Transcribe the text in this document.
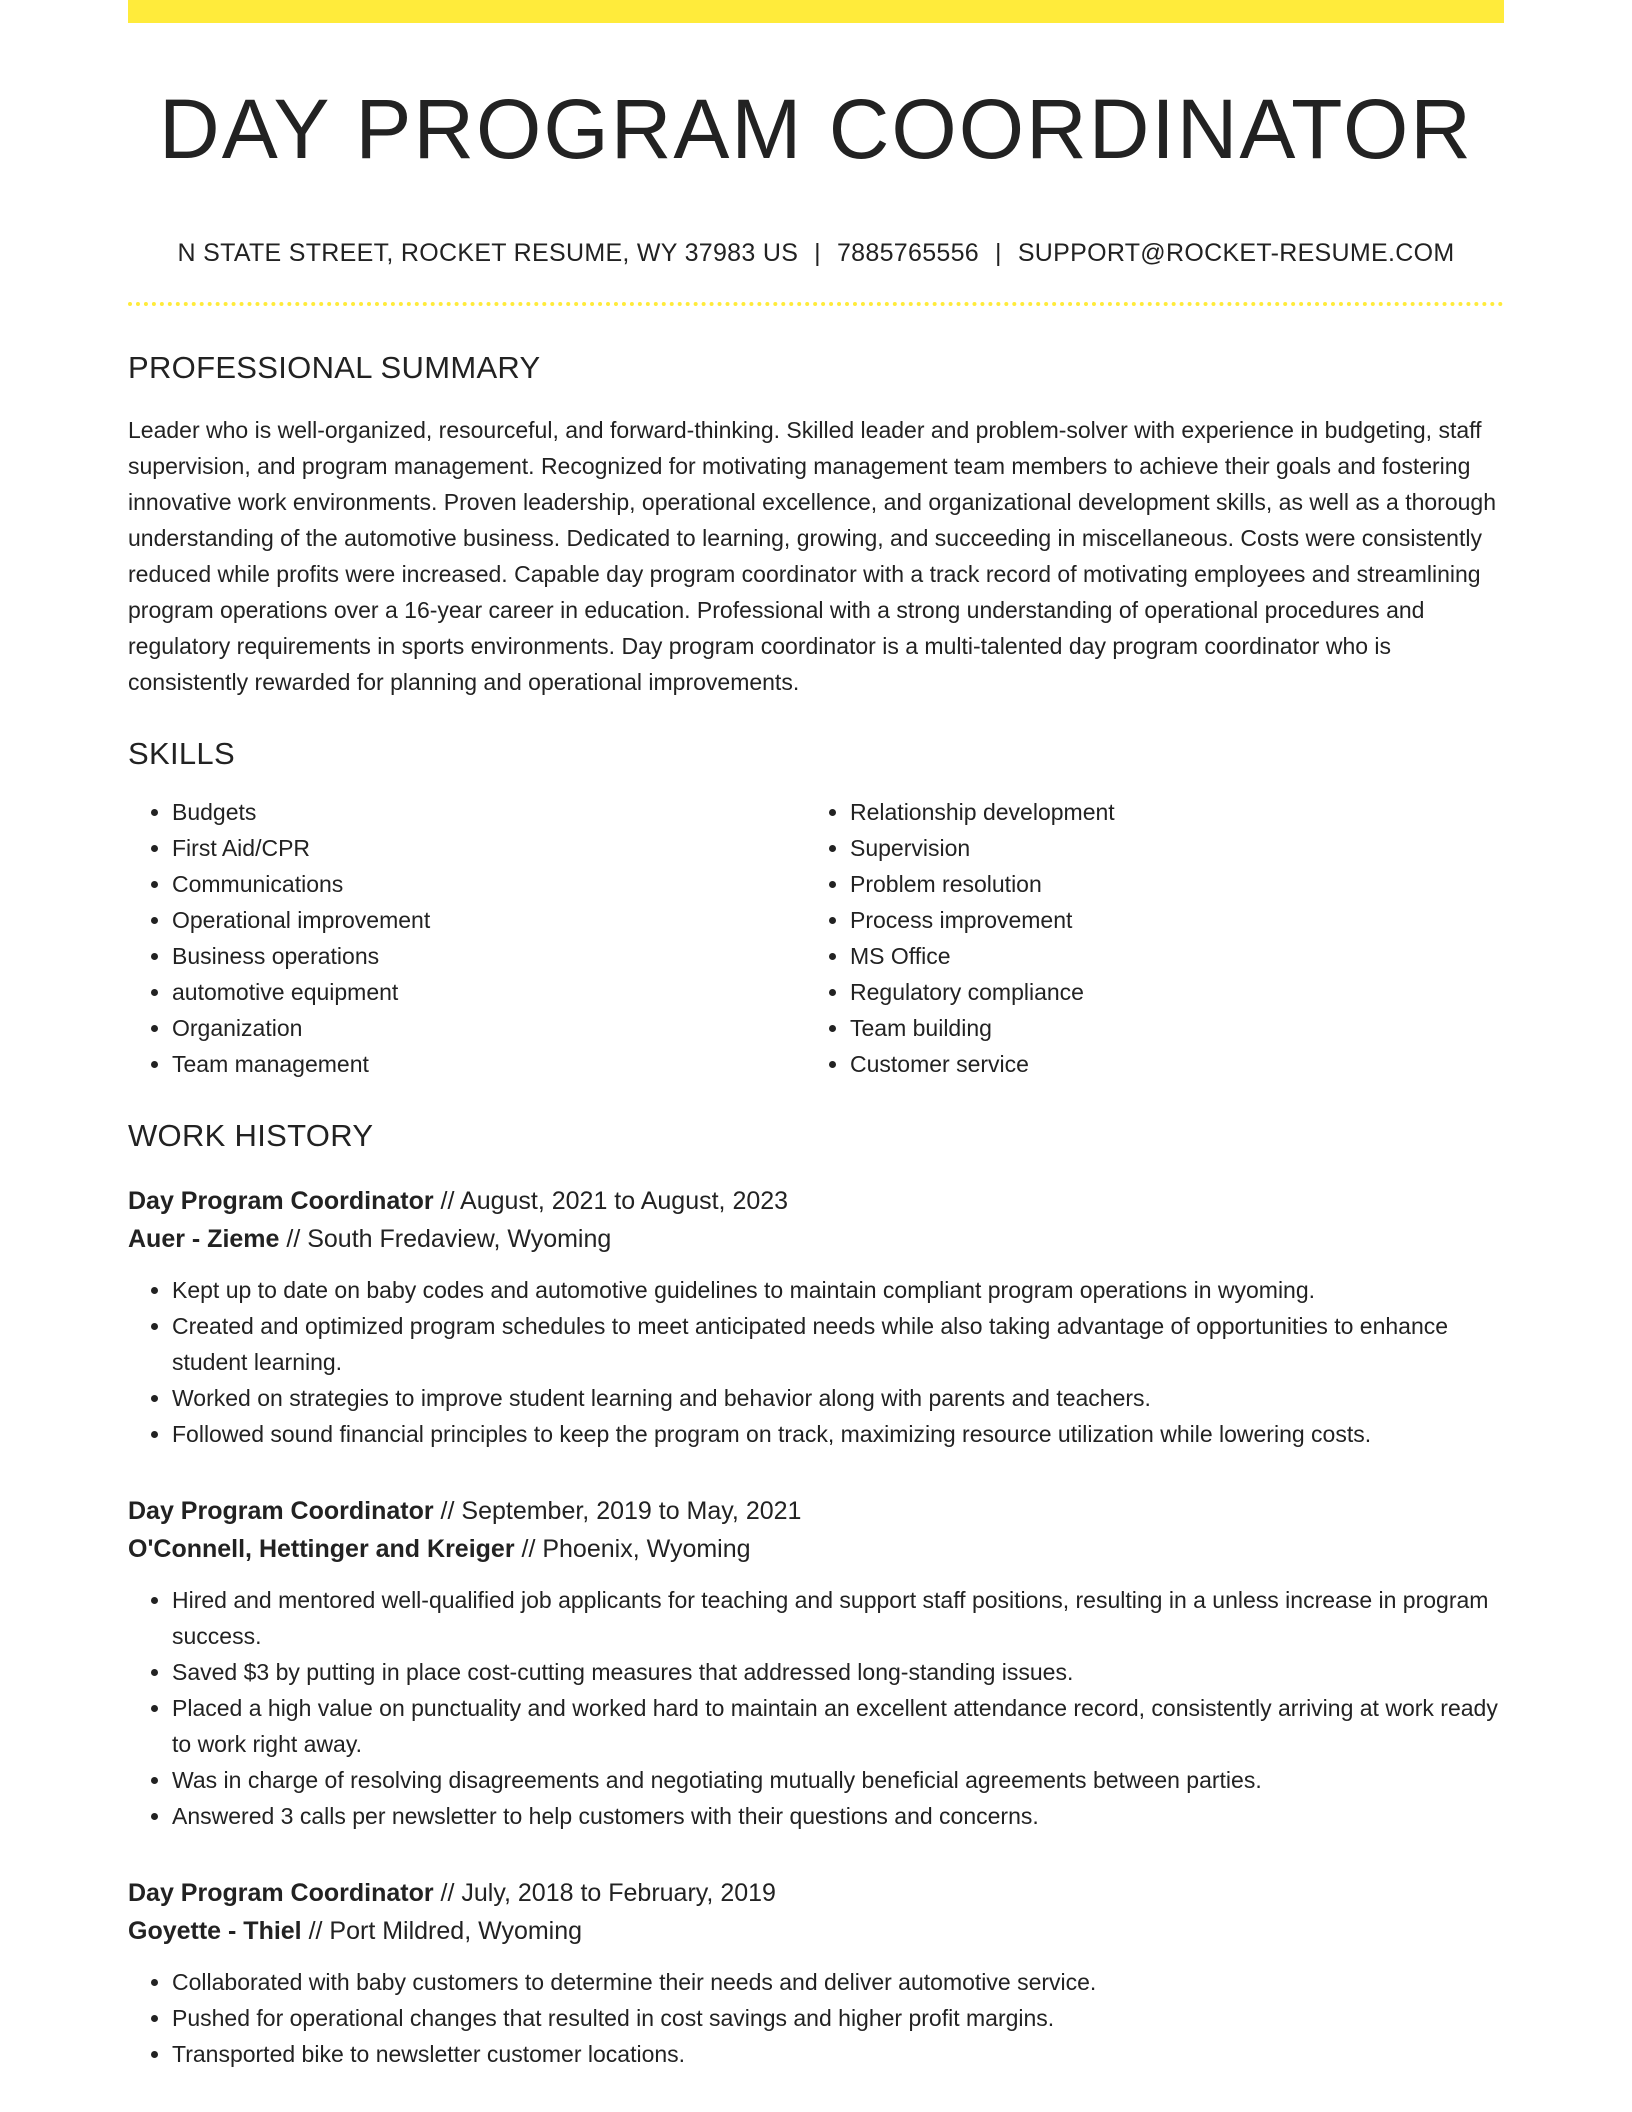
DAY PROGRAM COORDINATOR
N STATE STREET, ROCKET RESUME, WY 37983 US | 7885765556 | SUPPORT@ROCKET-RESUME.COM
PROFESSIONAL SUMMARY
Leader who is well-organized, resourceful, and forward-thinking. Skilled leader and problem-solver with experience in budgeting, staff supervision, and program management. Recognized for motivating management team members to achieve their goals and fostering innovative work environments. Proven leadership, operational excellence, and organizational development skills, as well as a thorough understanding of the automotive business. Dedicated to learning, growing, and succeeding in miscellaneous. Costs were consistently reduced while profits were increased. Capable day program coordinator with a track record of motivating employees and streamlining program operations over a 16-year career in education. Professional with a strong understanding of operational procedures and regulatory requirements in sports environments. Day program coordinator is a multi-talented day program coordinator who is consistently rewarded for planning and operational improvements.
SKILLS
• Budgets
• First Aid/CPR
• Communications
• Operational improvement
• Business operations
• automotive equipment
• Organization
• Team management
• Relationship development
• Supervision
• Problem resolution
• Process improvement
• MS Office
• Regulatory compliance
• Team building
• Customer service
WORK HISTORY
Day Program Coordinator // August, 2021 to August, 2023
Auer - Zieme // South Fredaview, Wyoming
• Kept up to date on baby codes and automotive guidelines to maintain compliant program operations in wyoming.
• Created and optimized program schedules to meet anticipated needs while also taking advantage of opportunities to enhance student learning.
• Worked on strategies to improve student learning and behavior along with parents and teachers.
• Followed sound financial principles to keep the program on track, maximizing resource utilization while lowering costs.
Day Program Coordinator // September, 2019 to May, 2021
O'Connell, Hettinger and Kreiger // Phoenix, Wyoming
• Hired and mentored well-qualified job applicants for teaching and support staff positions, resulting in a unless increase in program success.
• Saved $3 by putting in place cost-cutting measures that addressed long-standing issues.
• Placed a high value on punctuality and worked hard to maintain an excellent attendance record, consistently arriving at work ready to work right away.
• Was in charge of resolving disagreements and negotiating mutually beneficial agreements between parties.
• Answered 3 calls per newsletter to help customers with their questions and concerns.
Day Program Coordinator // July, 2018 to February, 2019
Goyette - Thiel // Port Mildred, Wyoming
• Collaborated with baby customers to determine their needs and deliver automotive service.
• Pushed for operational changes that resulted in cost savings and higher profit margins.
• Transported bike to newsletter customer locations.
